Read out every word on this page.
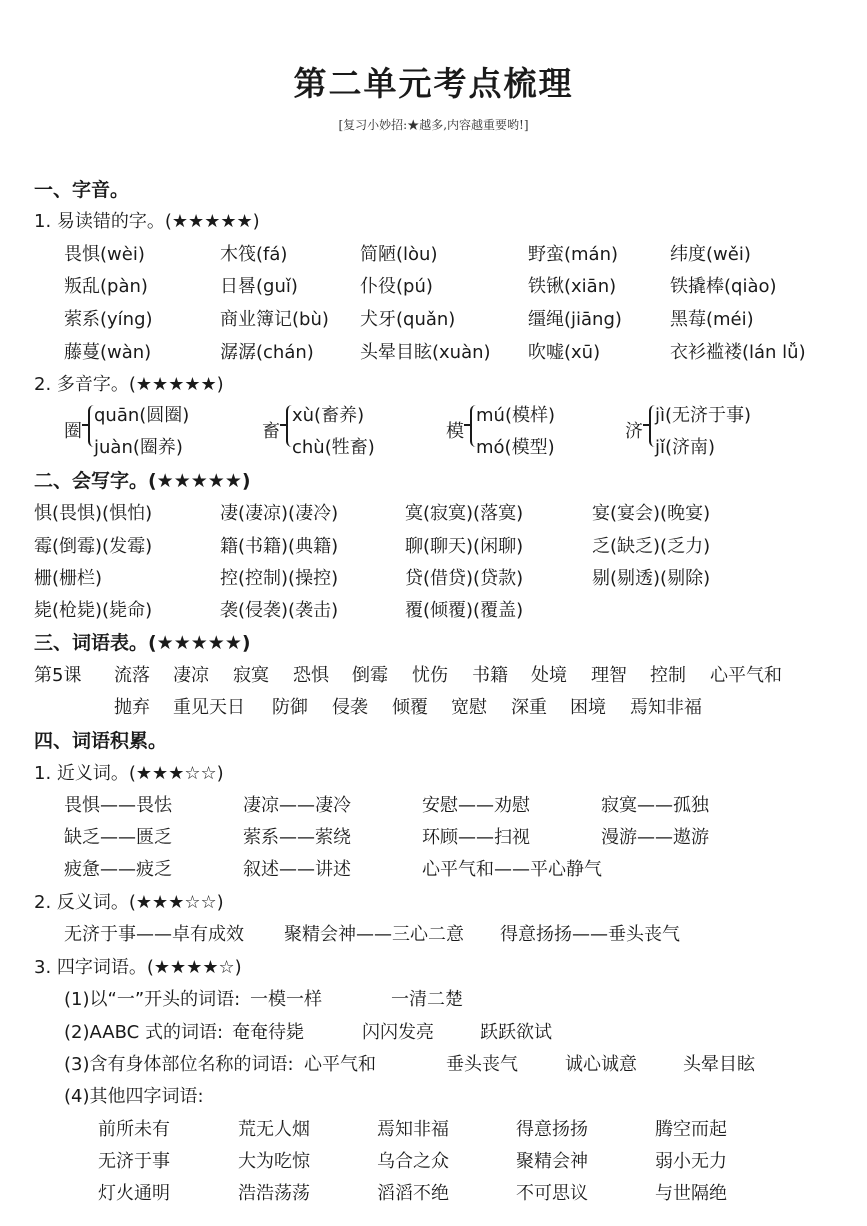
第二单元考点梳理
[复习小妙招:★越多,内容越重要哟!]
一、字音。
1. 易读错的字。(★★★★★)
2. 多音字。(★★★★★)
二、会写字。(★★★★★)
三、词语表。(★★★★★)
第5课
四、词语积累。
1. 近义词。(★★★☆☆)
2. 反义词。(★★★☆☆)
3. 四字词语。(★★★★☆)
(1)以“一”开头的词语:
(2)AABC 式的词语:
(3)含有身体部位名称的词语:
(4)其他四字词语:
畏惧(wèi)	木筏(fá)	简陋(lòu)	野蛮(mán)	纬度(wěi)
叛乱(pàn)	日晷(guǐ)	仆役(pú)	铁锹(xiān)	铁撬棒(qiào)
萦系(yíng)	商业簿记(bù) 犬牙(quǎn)	缰绳(jiāng)	黑莓(méi)
藤蔓(wàn)	潺潺(chán)	头晕目眩(xuàn) 吹嘘(xū)	衣衫褴褛(lán lǚ)
圈
quān(圆圈)
juàn(圈养)
畜
xù(畜养)
chù(牲畜)
模
mú(模样)
mó(模型)
济
jì(无济于事)
jǐ(济南)
惧(畏惧)(惧怕)	凄(凄凉)(凄冷)	寞(寂寞)(落寞)	宴(宴会)(晚宴)
霉(倒霉)(发霉)	籍(书籍)(典籍)	聊(聊天)(闲聊)	乏(缺乏)(乏力)
栅(栅栏)	控(控制)(操控)	贷(借贷)(贷款)	剔(剔透)(剔除)
毙(枪毙)(毙命)	袭(侵袭)(袭击)	覆(倾覆)(覆盖)
流落 凄凉 寂寞 恐惧 倒霉 忧伤 书籍 处境 理智 控制 心平气和
抛弃 重见天日 防御 侵袭 倾覆 宽慰 深重 困境 焉知非福
畏惧——畏怯	凄凉——凄冷	安慰——劝慰	寂寞——孤独
缺乏——匮乏	萦系——萦绕	环顾——扫视	漫游——遨游
疲惫——疲乏	叙述——讲述	心平气和——平心静气
无济于事——卓有成效 聚精会神——三心二意 得意扬扬——垂头丧气
一模一样	一清二楚
奄奄待毙	闪闪发亮	跃跃欲试
心平气和	垂头丧气	诚心诚意	头晕目眩
前所未有	荒无人烟	焉知非福	得意扬扬	腾空而起
无济于事	大为吃惊	乌合之众	聚精会神	弱小无力
灯火通明	浩浩荡荡	滔滔不绝	不可思议	与世隔绝
